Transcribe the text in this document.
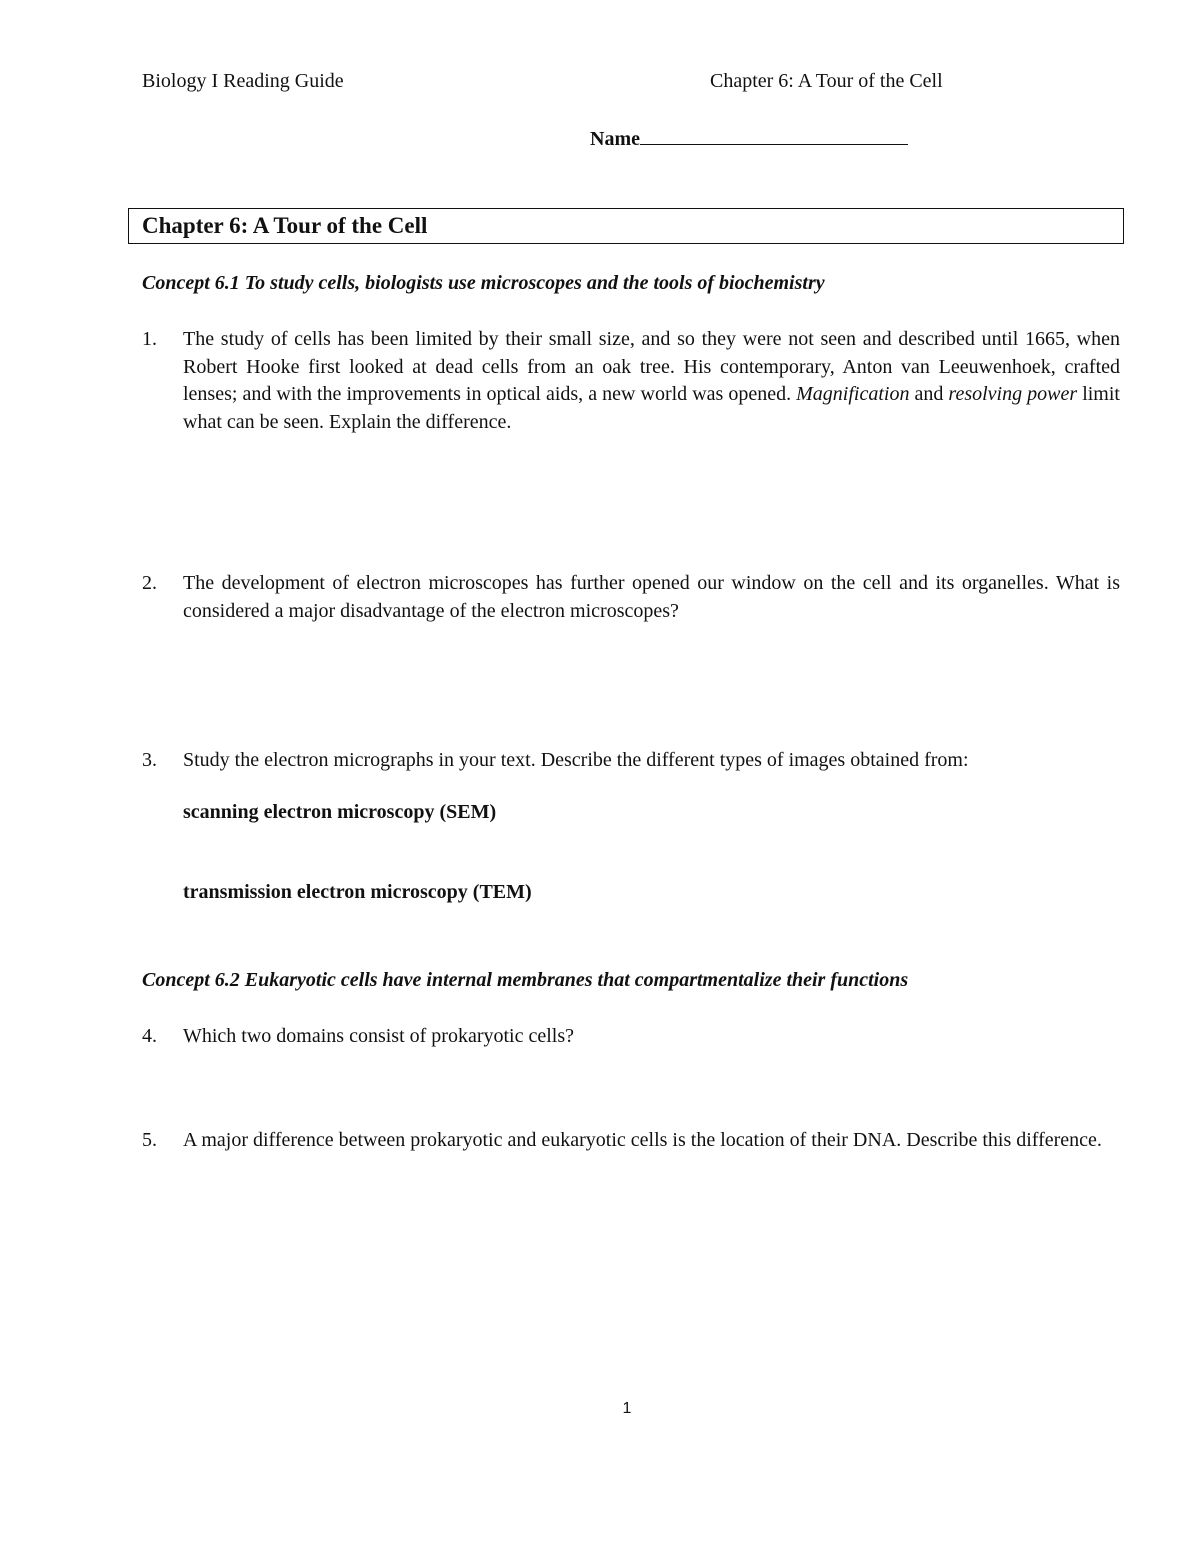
Biology I Reading Guide	Chapter 6: A Tour of the Cell
Name
Chapter 6: A Tour of the Cell
Concept 6.1 To study cells, biologists use microscopes and the tools of biochemistry
1.	The study of cells has been limited by their small size, and so they were not seen and described until 1665, when Robert Hooke first looked at dead cells from an oak tree. His contemporary, Anton van Leeuwenhoek, crafted lenses; and with the improvements in optical aids, a new world was opened. Magnification and resolving power limit what can be seen. Explain the difference.
2.	The development of electron microscopes has further opened our window on the cell and its organelles. What is considered a major disadvantage of the electron microscopes?
3.	Study the electron micrographs in your text. Describe the different types of images obtained from:
scanning electron microscopy (SEM)
transmission electron microscopy (TEM)
Concept 6.2 Eukaryotic cells have internal membranes that compartmentalize their functions
4.	Which two domains consist of prokaryotic cells?
5.	A major difference between prokaryotic and eukaryotic cells is the location of their DNA. Describe this difference.
1
